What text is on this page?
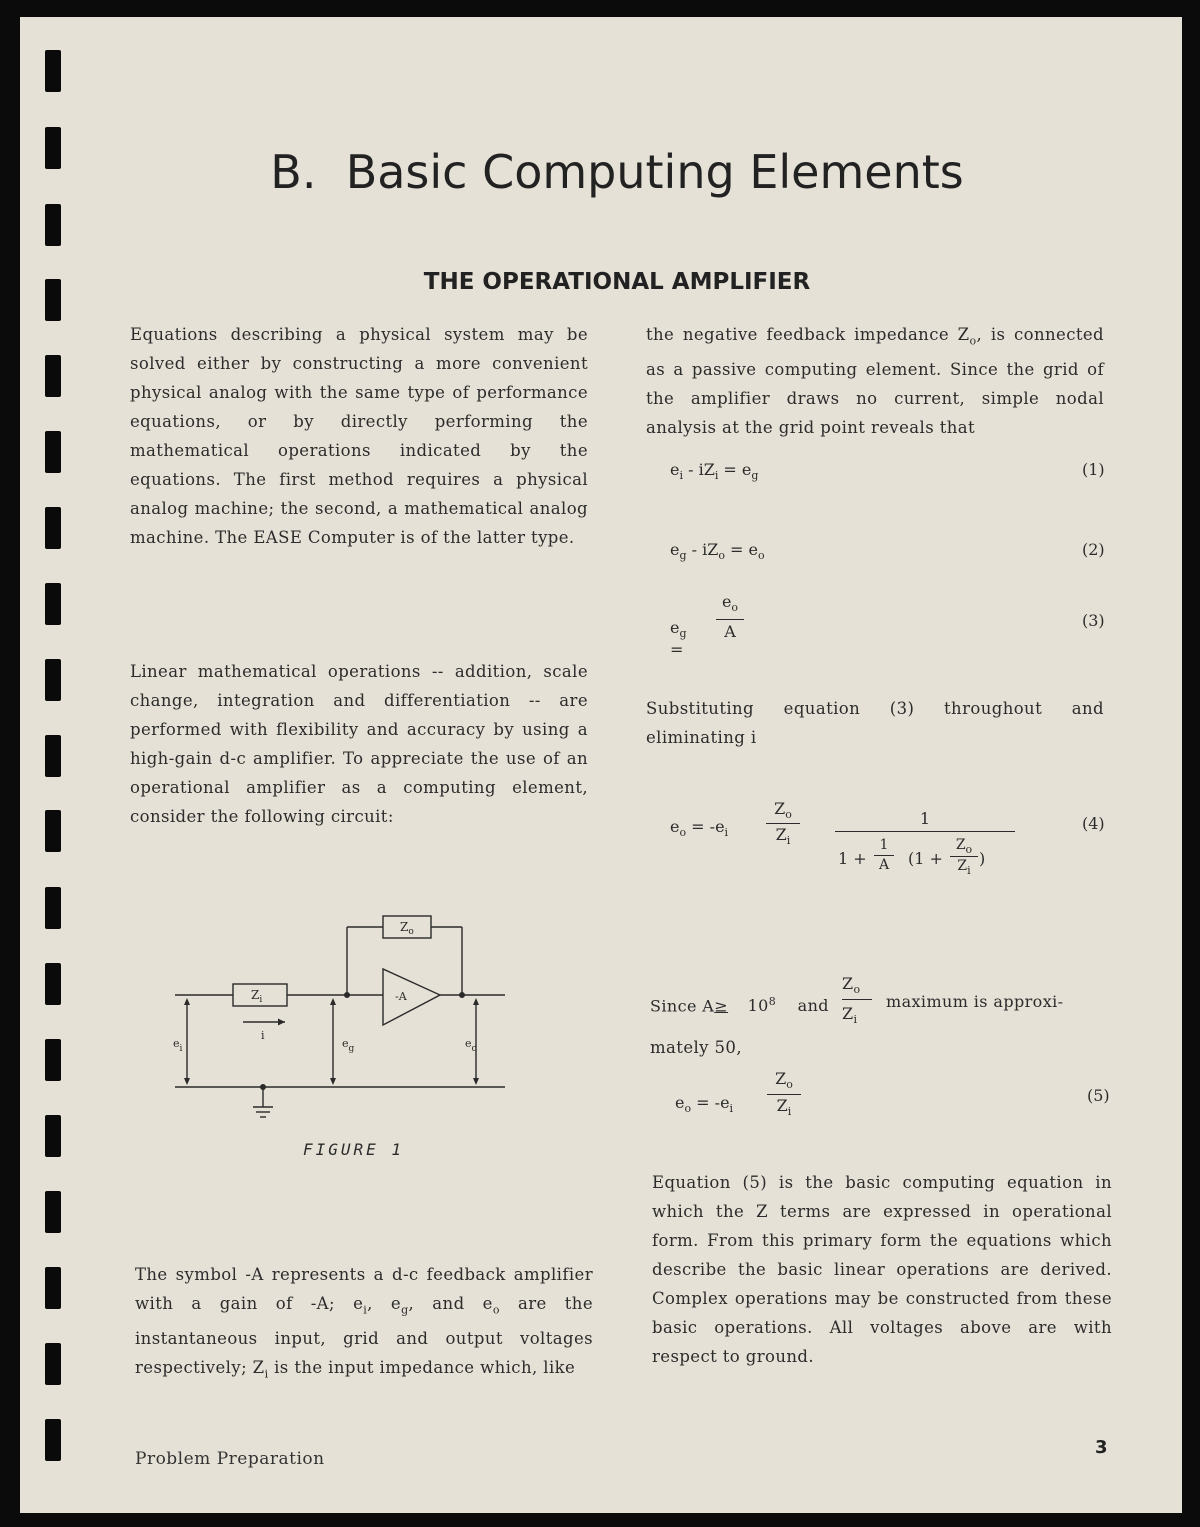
B.  Basic Computing Elements
THE OPERATIONAL AMPLIFIER
Equations describing a physical system may be solved either by constructing a more convenient physical analog with the same type of performance equations, or by directly performing the mathematical operations indicated by the equations. The first method requires a physical analog machine; the second, a mathematical analog machine. The EASE Computer is of the latter type.
Linear mathematical operations -- addition, scale change, integration and differentiation -- are performed with flexibility and accuracy by using a high-gain d-c amplifier. To appreciate the use of an operational amplifier as a computing element, consider the following circuit:
$Z_o$
$Z_i$	-A
i
$e_i$	$e_g$	$e_o$
FIGURE 1
The symbol -A represents a d-c feedback amplifier with a gain of -A; $e_i$, $e_g$, and $e_o$ are the instantaneous input, grid and output voltages respectively; $Z_i$ is the input impedance which, like
the negative feedback impedance $Z_o$, is connected as a passive computing element. Since the grid of the amplifier draws no current, simple nodal analysis at the grid point reveals that
$e_i - iZ_i = e_g$	(1)
$e_g - iZ_o = e_o$	(2)
$e_g$ =
$e_o$
A
(3)
Substituting equation (3) throughout and eliminating i
$e_o = -e_i$
$Z_o$
$Z_i$
1
1 +
1
A	(1 +
$Z_o$
$Z_i$
)
(4)
Since $A\ge 10^8$ and
$Z_o$
$Z_i$
maximum is approxi-
mately 50,
$e_o = -e_i$
$Z_o$
$Z_i$
(5)
Equation (5) is the basic computing equation in which the Z terms are expressed in operational form. From this primary form the equations which describe the basic linear operations are derived. Complex operations may be constructed from these basic operations. All voltages above are with respect to ground.
Problem Preparation
3
